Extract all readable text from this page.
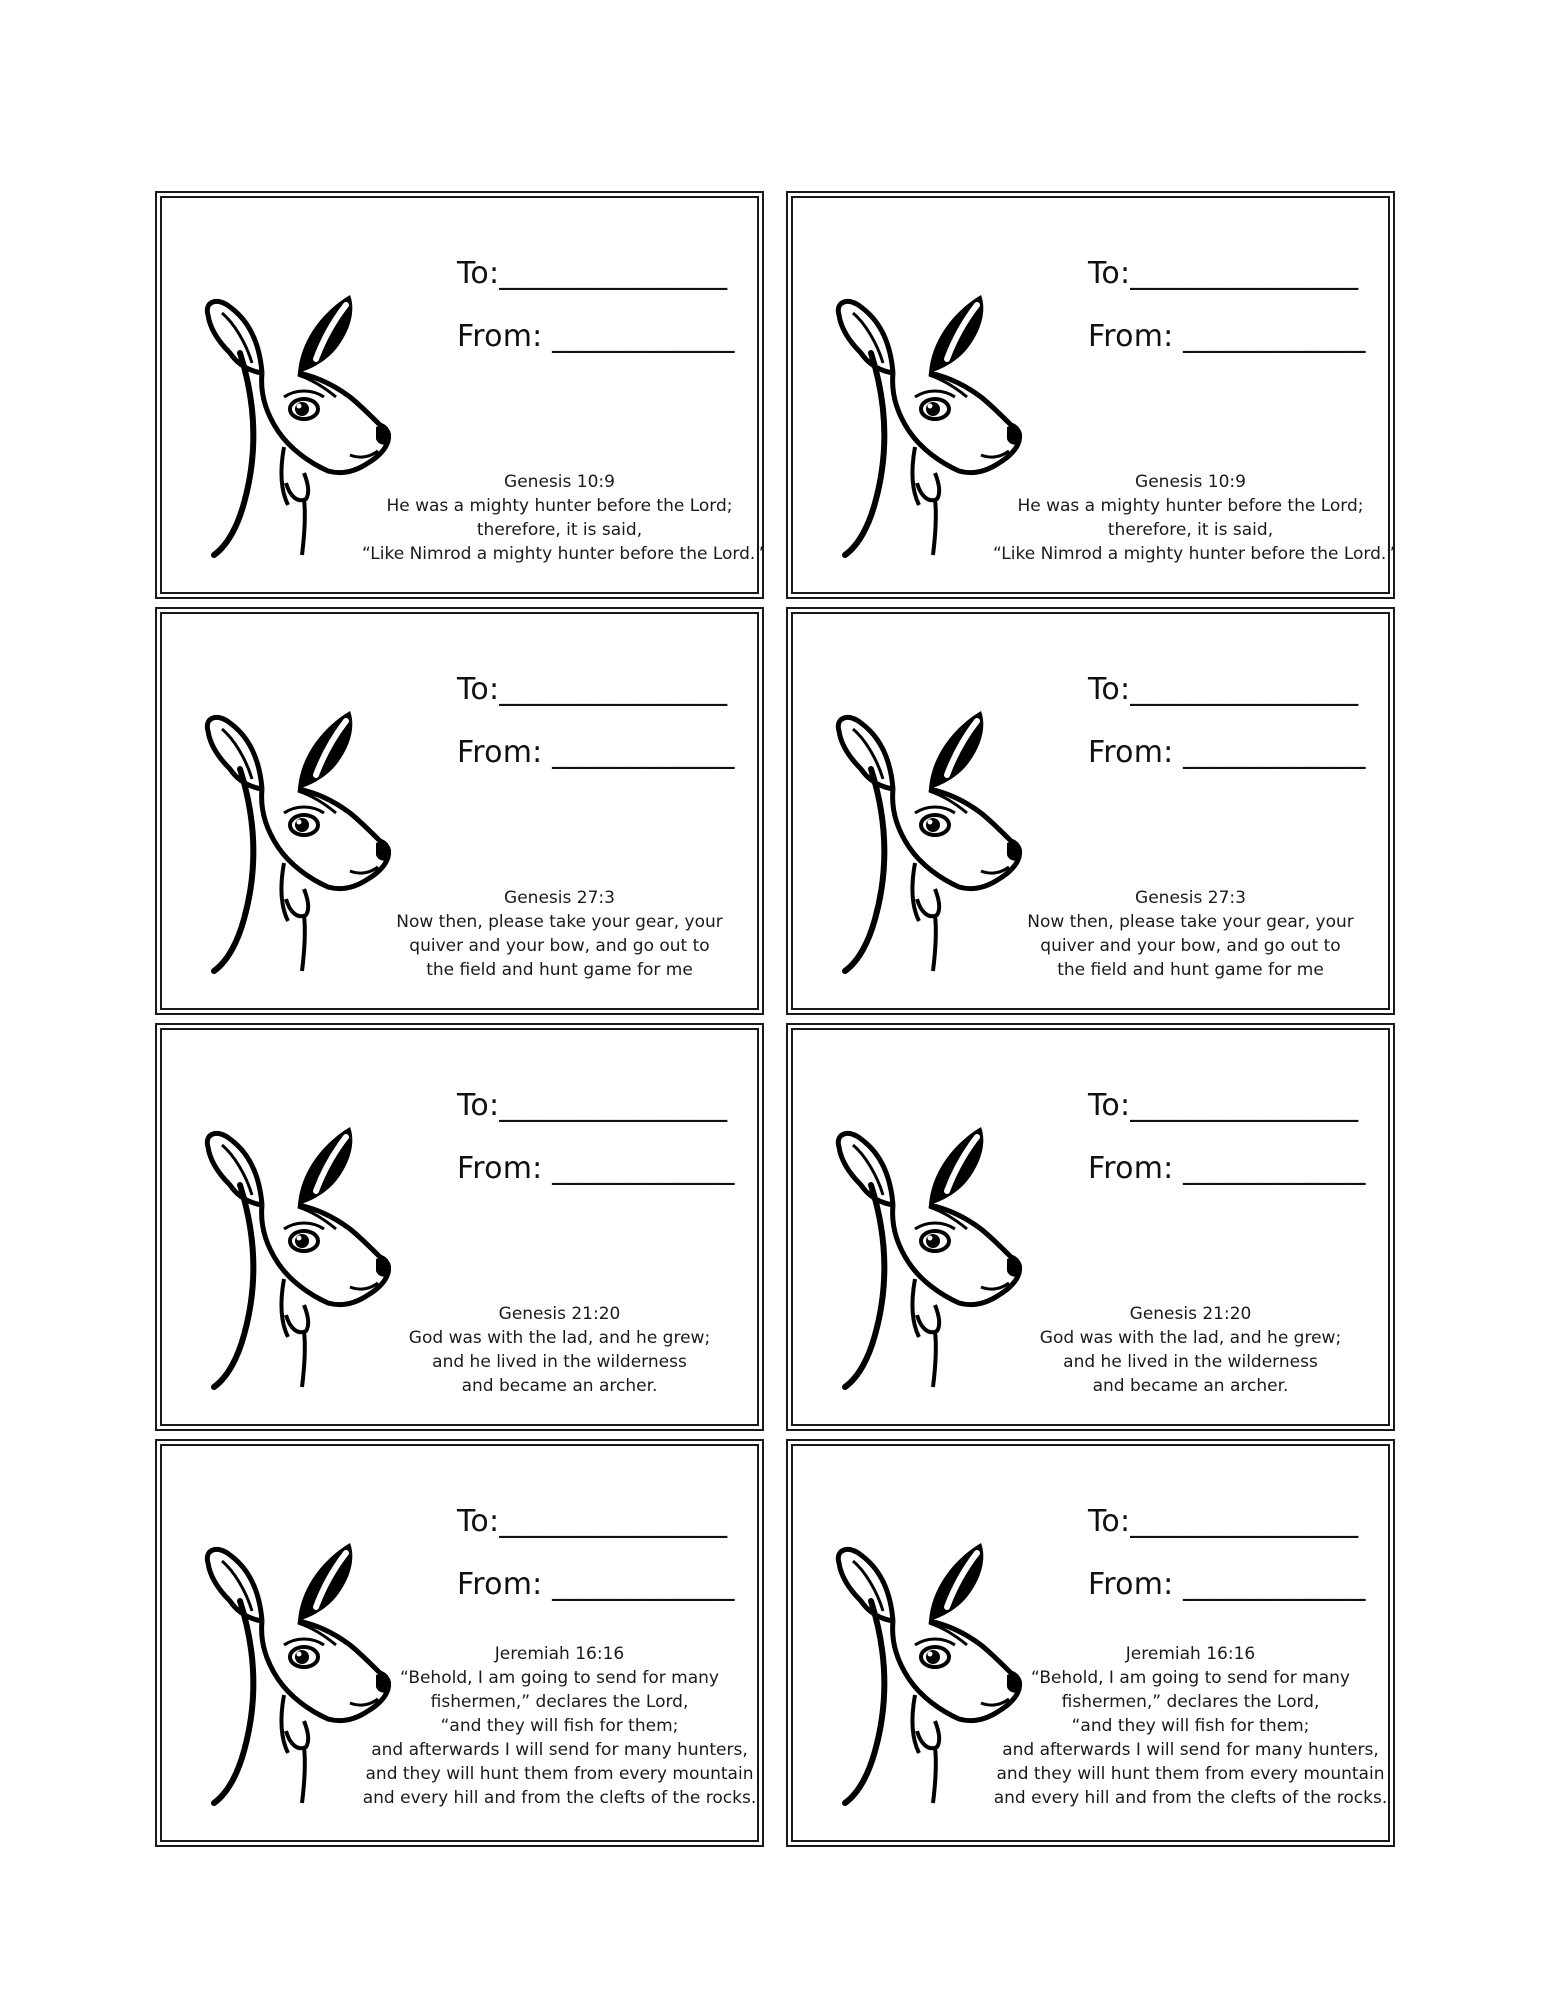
To:_______________
From: ____________
Genesis 10:9
He was a mighty hunter before the Lord;
therefore, it is said,
“Like Nimrod a mighty hunter before the Lord.”
To:_______________
From: ____________
Genesis 10:9
He was a mighty hunter before the Lord;
therefore, it is said,
“Like Nimrod a mighty hunter before the Lord.”
To:_______________
From: ____________
Genesis 27:3
Now then, please take your gear, your
quiver and your bow, and go out to
the field and hunt game for me
To:_______________
From: ____________
Genesis 27:3
Now then, please take your gear, your
quiver and your bow, and go out to
the field and hunt game for me
To:_______________
From: ____________
Genesis 21:20
God was with the lad, and he grew;
and he lived in the wilderness
and became an archer.
To:_______________
From: ____________
Genesis 21:20
God was with the lad, and he grew;
and he lived in the wilderness
and became an archer.
To:_______________
From: ____________
Jeremiah 16:16
“Behold, I am going to send for many
fishermen,” declares the Lord,
“and they will fish for them;
and afterwards I will send for many hunters,
and they will hunt them from every mountain
and every hill and from the clefts of the rocks.
To:_______________
From: ____________
Jeremiah 16:16
“Behold, I am going to send for many
fishermen,” declares the Lord,
“and they will fish for them;
and afterwards I will send for many hunters,
and they will hunt them from every mountain
and every hill and from the clefts of the rocks.
